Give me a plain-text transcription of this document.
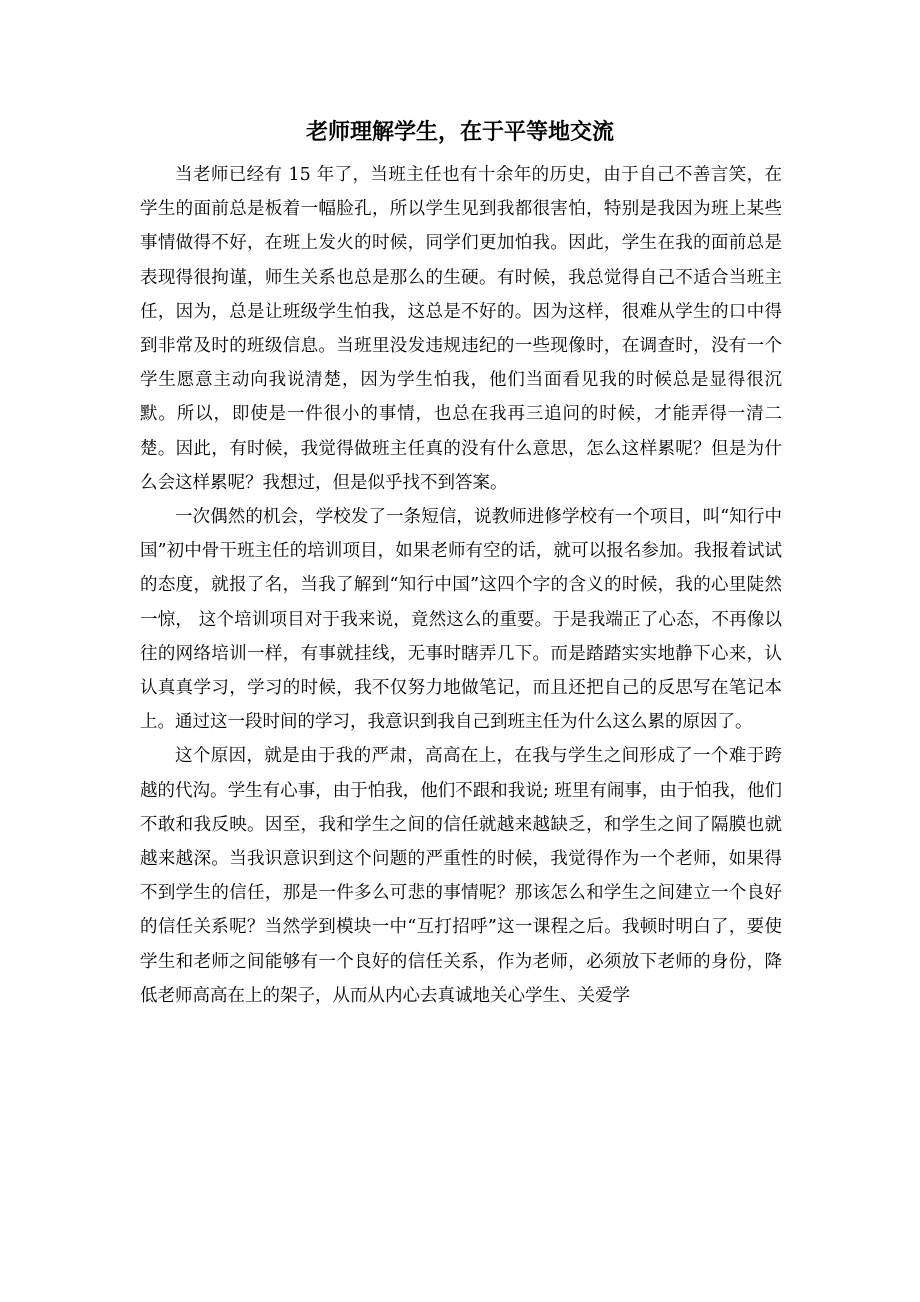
老师理解学生，在于平等地交流

当老师已经有 15 年了，当班主任也有十余年的历史，由于自己不善言笑，在学生的面前总是板着一幅脸孔，所以学生见到我都很害怕，特别是我因为班上某些事情做得不好，在班上发火的时候，同学们更加怕我。因此，学生在我的面前总是表现得很拘谨，师生关系也总是那么的生硬。有时候，我总觉得自己不适合当班主任，因为，总是让班级学生怕我，这总是不好的。因为这样，很难从学生的口中得到非常及时的班级信息。当班里没发违规违纪的一些现像时，在调查时，没有一个学生愿意主动向我说清楚，因为学生怕我，他们当面看见我的时候总是显得很沉默。所以，即使是一件很小的事情，也总在我再三追问的时候，才能弄得一清二楚。因此，有时候，我觉得做班主任真的没有什么意思，怎么这样累呢？但是为什么会这样累呢？我想过，但是似乎找不到答案。

一次偶然的机会，学校发了一条短信，说教师进修学校有一个项目，叫“知行中国”初中骨干班主任的培训项目，如果老师有空的话，就可以报名参加。我报着试试的态度，就报了名，当我了解到“知行中国”这四个字的含义的时候，我的心里陡然一惊， 这个培训项目对于我来说，竟然这么的重要。于是我端正了心态，不再像以往的网络培训一样，有事就挂线，无事时瞎弄几下。而是踏踏实实地静下心来，认认真真学习，学习的时候，我不仅努力地做笔记，而且还把自己的反思写在笔记本上。通过这一段时间的学习，我意识到我自己到班主任为什么这么累的原因了。

这个原因，就是由于我的严肃，高高在上，在我与学生之间形成了一个难于跨越的代沟。学生有心事，由于怕我，他们不跟和我说; 班里有闹事，由于怕我，他们不敢和我反映。因至，我和学生之间的信任就越来越缺乏，和学生之间了隔膜也就越来越深。当我识意识到这个问题的严重性的时候，我觉得作为一个老师，如果得不到学生的信任，那是一件多么可悲的事情呢？那该怎么和学生之间建立一个良好的信任关系呢？当然学到模块一中“互打招呼”这一课程之后。我顿时明白了，要使学生和老师之间能够有一个良好的信任关系，作为老师，必须放下老师的身份，降低老师高高在上的架子，从而从内心去真诚地关心学生、关爱学
